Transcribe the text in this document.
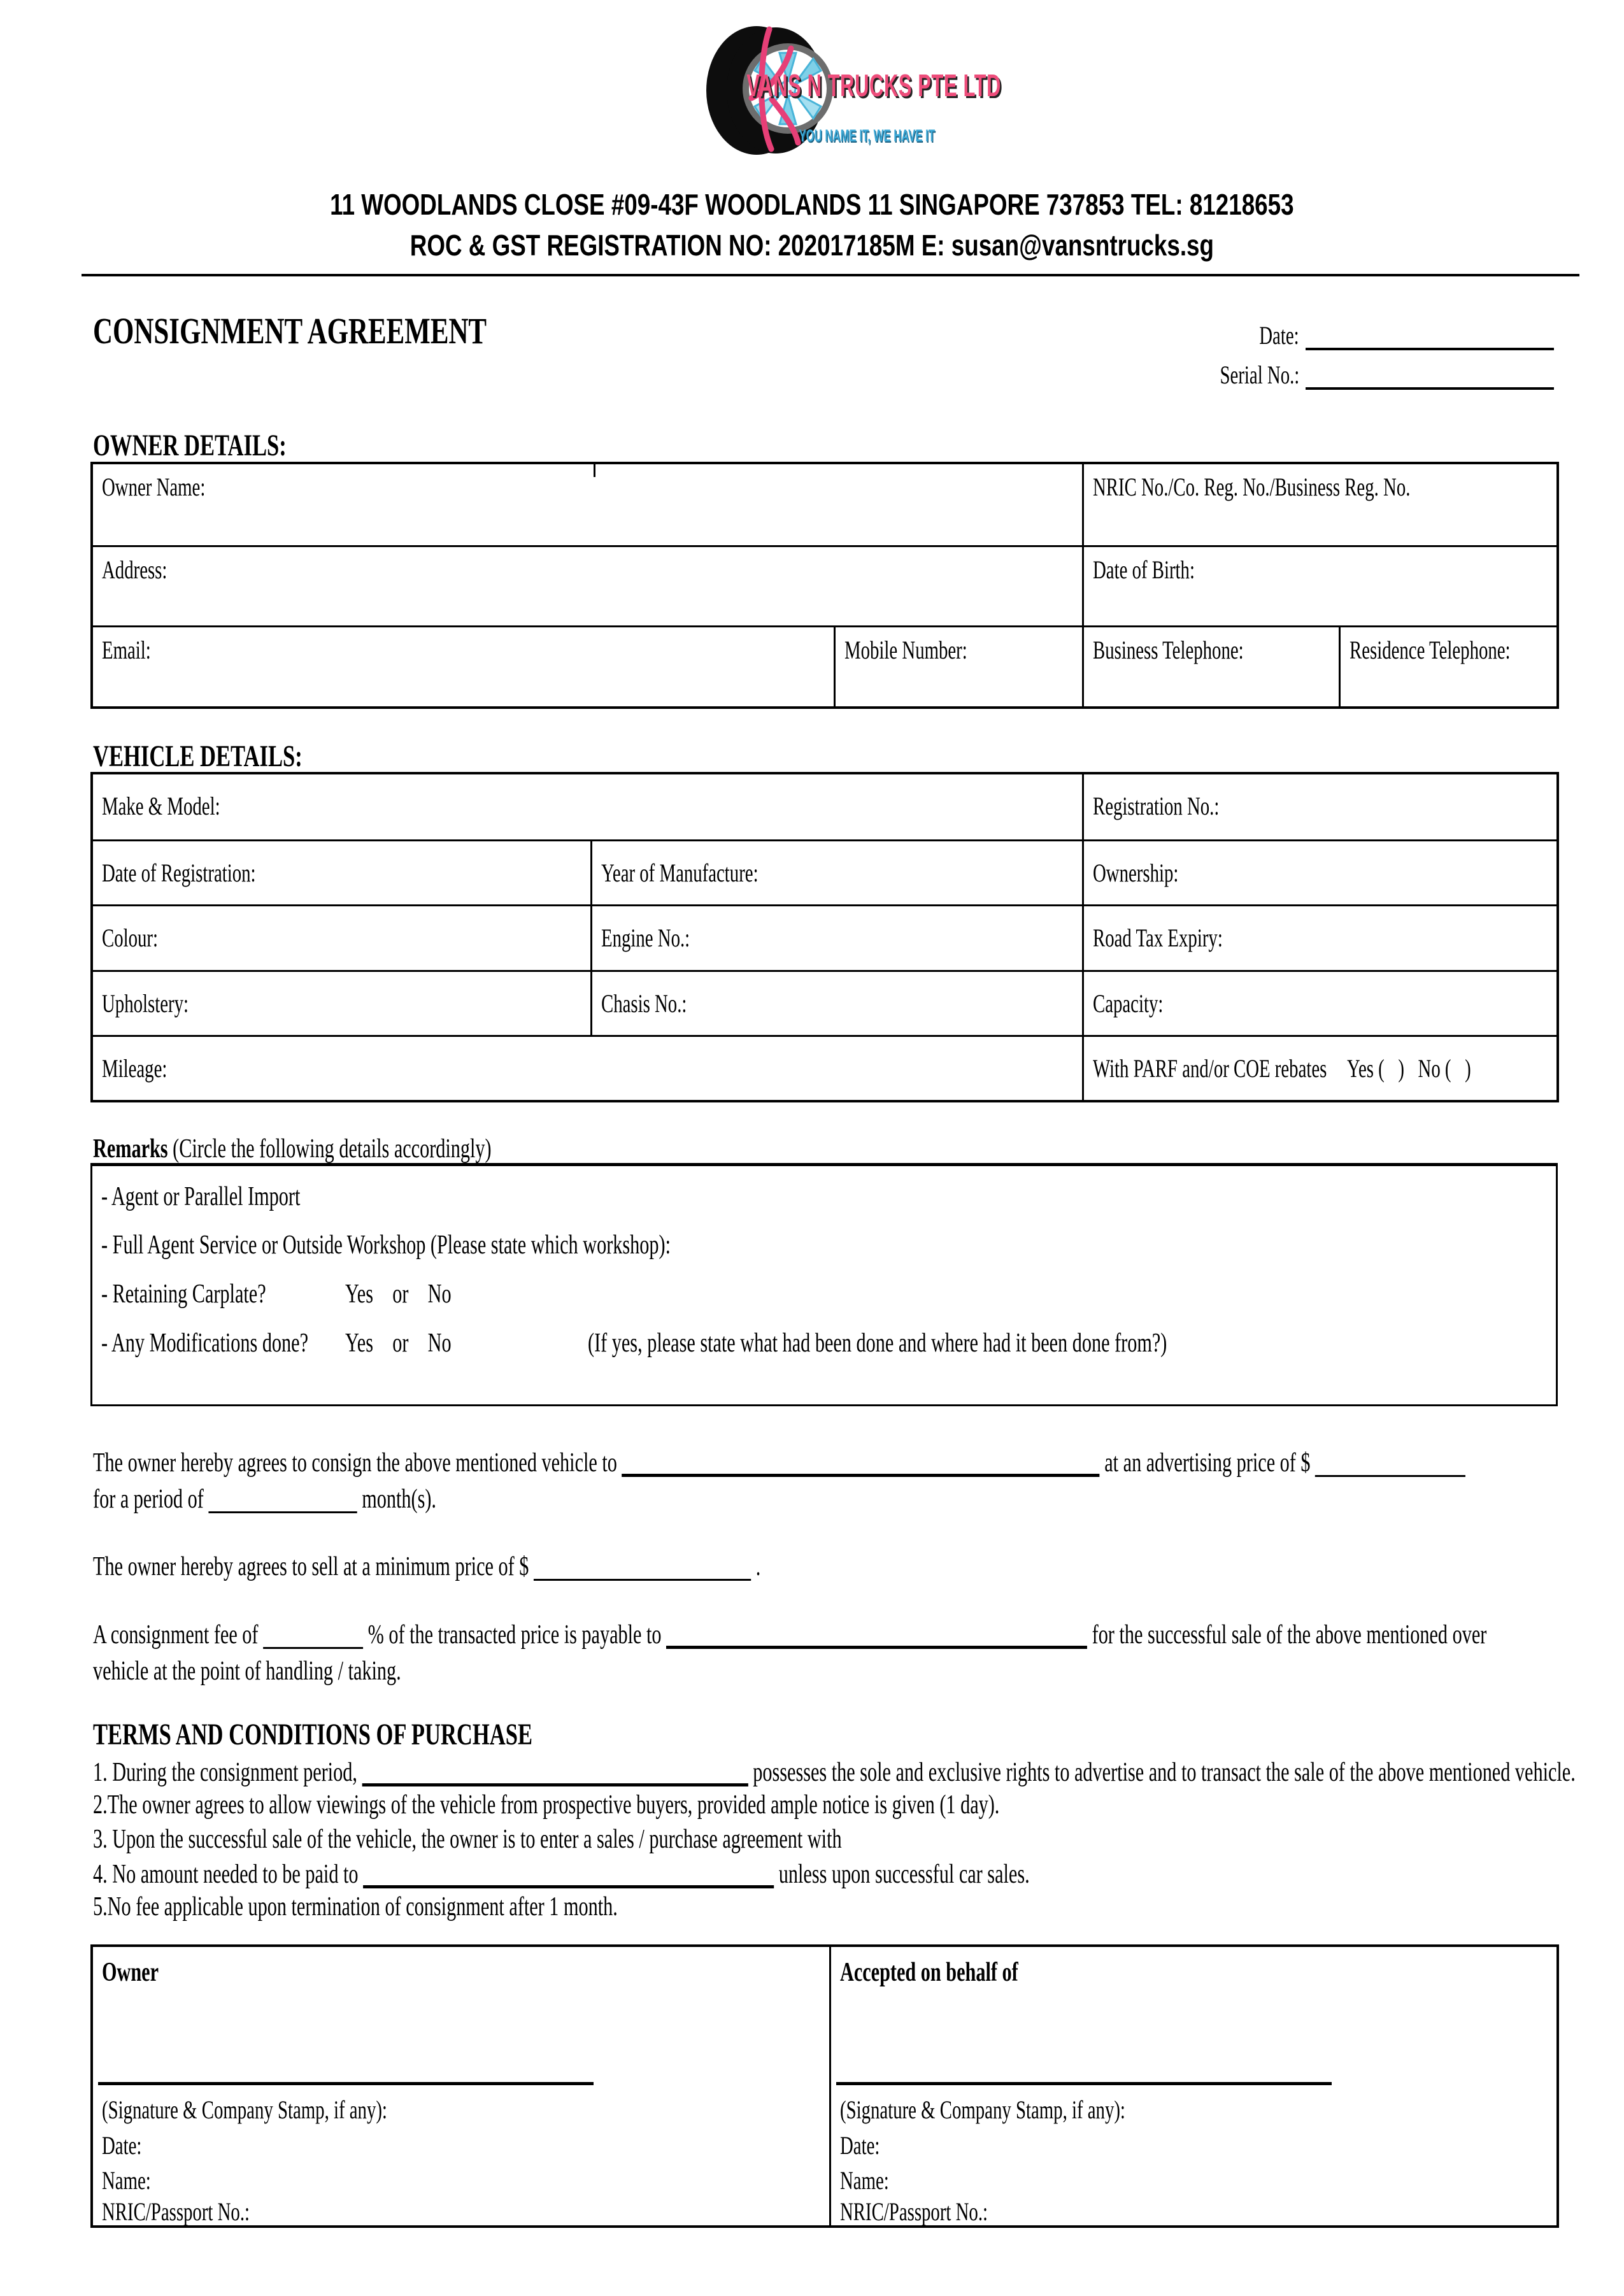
VANS N TRUCKS PTE LTD
YOU NAME IT, WE HAVE IT
11 WOODLANDS CLOSE #09-43F WOODLANDS 11 SINGAPORE 737853 TEL: 81218653
ROC & GST REGISTRATION NO: 202017185M E: susan@vansntrucks.sg
CONSIGNMENT AGREEMENT	Date:
Serial No.:
OWNER DETAILS:
Owner Name:	NRIC No./Co. Reg. No./Business Reg. No.
Address:	Date of Birth:
Email:	Mobile Number:	Business Telephone:	Residence Telephone:
VEHICLE DETAILS:
Make & Model:	Registration No.:
Date of Registration:	Year of Manufacture:	Ownership:
Colour:	Engine No.:	Road Tax Expiry:
Upholstery:	Chasis No.:	Capacity:
Mileage:	With PARF and/or COE rebates Yes (   )   No (   )
Remarks (Circle the following details accordingly)
- Agent or Parallel Import
- Full Agent Service or Outside Workshop (Please state which workshop):
- Retaining Carplate?	Yes    or    No
- Any Modifications done?	Yes    or    No	(If yes, please state what had been done and where had it been done from?)
The owner hereby agrees to consign the above mentioned vehicle to	at an advertising price of $
for a period of	month(s).
The owner hereby agrees to sell at a minimum price of $	.
A consignment fee of	% of the transacted price is payable to	for the successful sale of the above mentioned over
vehicle at the point of handling / taking.
TERMS AND CONDITIONS OF PURCHASE
1. During the consignment period,	possesses the sole and exclusive rights to advertise and to transact the sale of the above mentioned vehicle.
2.The owner agrees to allow viewings of the vehicle from prospective buyers, provided ample notice is given (1 day).
3. Upon the successful sale of the vehicle, the owner is to enter a sales / purchase agreement with
4. No amount needed to be paid to	unless upon successful car sales.
5.No fee applicable upon termination of consignment after 1 month.
Owner
(Signature & Company Stamp, if any):
Date:
Name:
NRIC/Passport No.:
Accepted on behalf of
(Signature & Company Stamp, if any):
Date:
Name:
NRIC/Passport No.:
